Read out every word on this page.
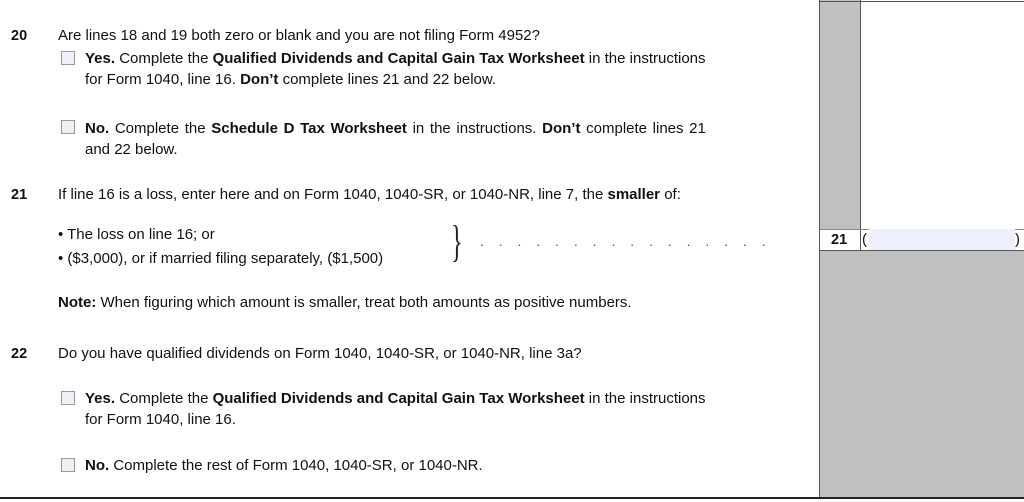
21 (	)
20 Are lines 18 and 19 both zero or blank and you are not filing Form 4952?
Yes. Complete the Qualified Dividends and Capital Gain Tax Worksheet in the instructions
for Form 1040, line 16. Don’t complete lines 21 and 22 below.
No. Complete the Schedule D Tax Worksheet in the instructions. Don’t complete lines 21
and 22 below.
21 If line 16 is a loss, enter here and on Form 1040, 1040-SR, or 1040-NR, line 7, the smaller of:
• The loss on line 16; or
• ($3,000), or if married filing separately, ($1,500) } . . . . . . . . . . . . . . . .
Note: When figuring which amount is smaller, treat both amounts as positive numbers.
22 Do you have qualified dividends on Form 1040, 1040-SR, or 1040-NR, line 3a?
Yes. Complete the Qualified Dividends and Capital Gain Tax Worksheet in the instructions
for Form 1040, line 16.
No. Complete the rest of Form 1040, 1040-SR, or 1040-NR.
